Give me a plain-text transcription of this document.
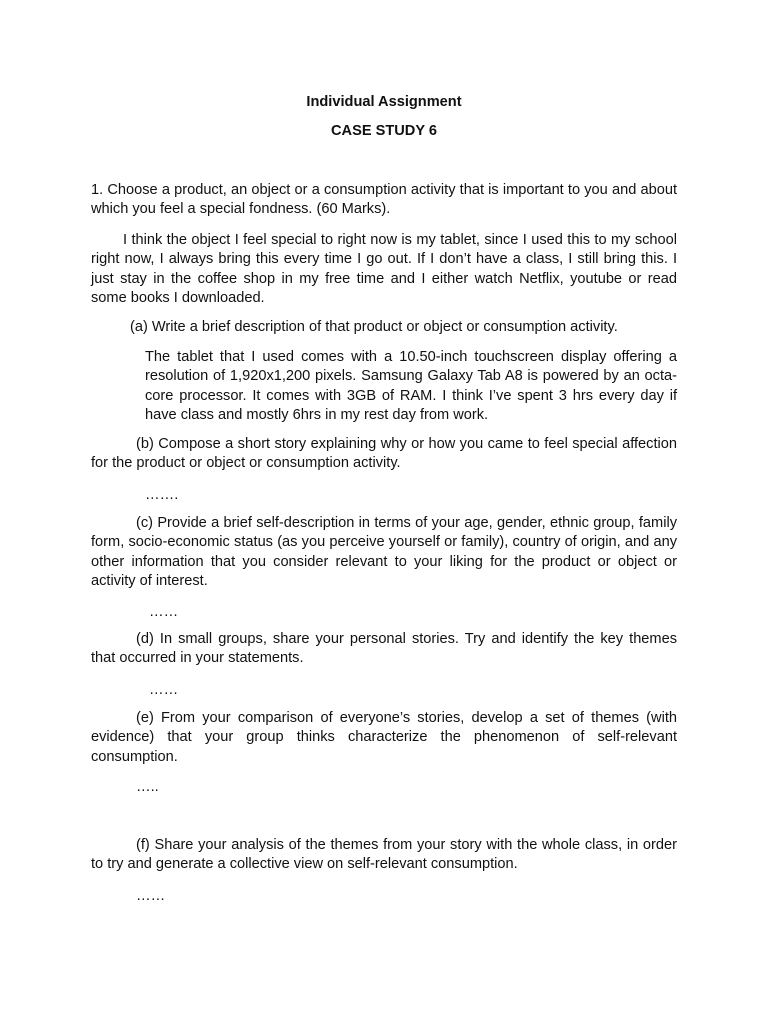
Individual Assignment
CASE STUDY 6

1. Choose a product, an object or a consumption activity that is important to you and about which you feel a special fondness. (60 Marks).

I think the object I feel special to right now is my tablet, since I used this to my school right now, I always bring this every time I go out. If I don’t have a class, I still bring this. I just stay in the coffee shop in my free time and I either watch Netflix, youtube or read some books I downloaded.

(a) Write a brief description of that product or object or consumption activity.

The tablet that I used comes with a 10.50-inch touchscreen display offering a resolution of 1,920x1,200 pixels. Samsung Galaxy Tab A8 is powered by an octa-core processor. It comes with 3GB of RAM. I think I’ve spent 3 hrs every day if have class and mostly 6hrs in my rest day from work.

(b) Compose a short story explaining why or how you came to feel special affection for the product or object or consumption activity.

…….

(c) Provide a brief self-description in terms of your age, gender, ethnic group, family form, socio-economic status (as you perceive yourself or family), country of origin, and any other information that you consider relevant to your liking for the product or object or activity of interest.

……

(d) In small groups, share your personal stories. Try and identify the key themes that occurred in your statements.

……

(e) From your comparison of everyone’s stories, develop a set of themes (with evidence) that your group thinks characterize the phenomenon of self-relevant consumption.

…..

(f) Share your analysis of the themes from your story with the whole class, in order to try and generate a collective view on self-relevant consumption.

……
